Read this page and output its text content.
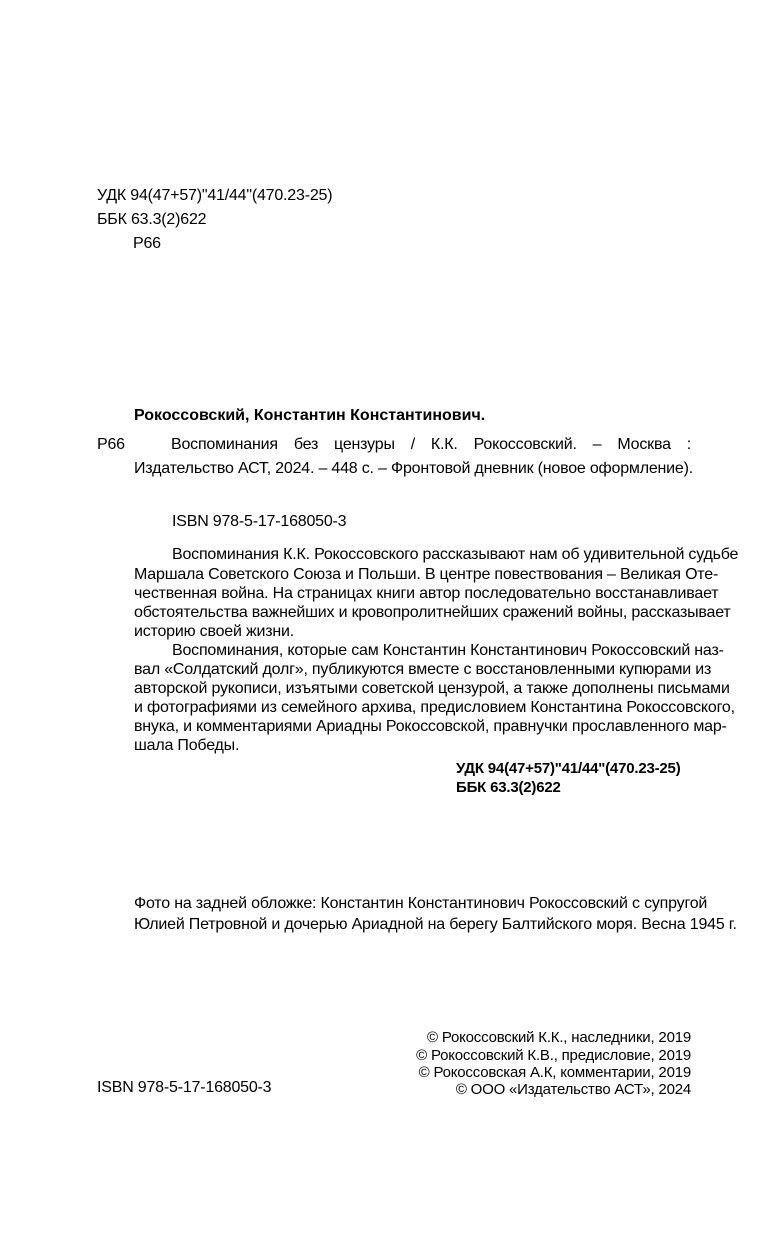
УДК 94(47+57)"41/44"(470.23-25)
ББК 63.3(2)622
Р66
Рокоссовский, Константин Константинович.
Р66	Воспоминания без цензуры / К.К. Рокоссовский. – Москва :
Издательство АСТ, 2024. – 448 с. – Фронтовой дневник (новое оформление).
ISBN 978-5-17-168050-3
Воспоминания К.К. Рокоссовского рассказывают нам об удивительной судьбе
Маршала Советского Союза и Польши. В центре повествования – Великая Оте-
чественная война. На страницах книги автор последовательно восстанавливает
обстоятельства важнейших и кровопролитнейших сражений войны, рассказывает
историю своей жизни.
Воспоминания, которые сам Константин Константинович Рокоссовский наз-
вал «Солдатский долг», публикуются вместе с восстановленными купюрами из
авторской рукописи, изъятыми советской цензурой, а также дополнены письмами
и фотографиями из семейного архива, предисловием Константина Рокоссовского,
внука, и комментариями Ариадны Рокоссовской, правнучки прославленного мар-
шала Победы.
УДК 94(47+57)"41/44"(470.23-25)
ББК 63.3(2)622
Фото на задней обложке: Константин Константинович Рокоссовский с супругой
Юлией Петровной и дочерью Ариадной на берегу Балтийского моря. Весна 1945 г.
© Рокоссовский К.К., наследники, 2019
© Рокоссовский К.В., предисловие, 2019
© Рокоссовская А.К, комментарии, 2019
© ООО «Издательство АСТ», 2024
ISBN 978-5-17-168050-3
